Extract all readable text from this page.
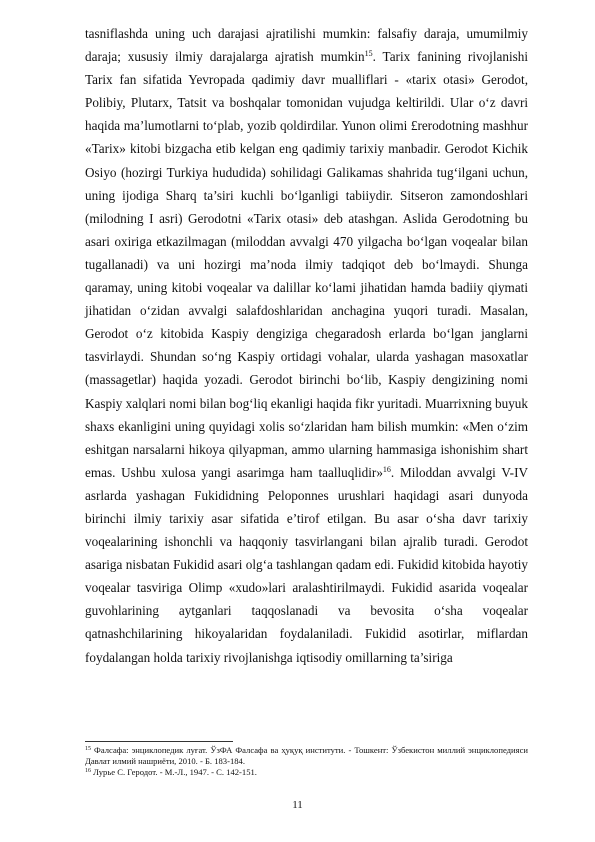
tasniflashda uning uch darajasi ajratilishi mumkin: falsafiy daraja, umumilmiy daraja; xususiy ilmiy darajalarga ajratish mumkin$^{15}$. Tarix fanining rivojlanishi Tarix fan sifatida Yevropada qadimiy davr mualliflari - «tarix otasi» Gerodot, Polibiy, Plutarx, Tatsit va boshqalar tomonidan vujudga keltirildi. Ular o‘z davri haqida ma’lumotlarni to‘plab, yozib qoldirdilar. Yunon olimi £rerodotning mashhur «Tarix» kitobi bizgacha etib kelgan eng qadimiy tarixiy manbadir. Gerodot Kichik Osiyo (hozirgi Turkiya hududida) sohilidagi Galikamas shahrida tug‘ilgani uchun, uning ijodiga Sharq ta’siri kuchli bo‘lganligi tabiiydir. Sitseron zamondoshlari (milodning I asri) Gerodotni «Tarix otasi» deb atashgan. Aslida Gerodotning bu asari oxiriga etkazilmagan (miloddan avvalgi 470 yilgacha bo‘lgan voqealar bilan tugallanadi) va uni hozirgi ma’noda ilmiy tadqiqot deb bo‘lmaydi. Shunga qaramay, uning kitobi voqealar va dalillar ko‘lami jihatidan hamda badiiy qiymati jihatidan o‘zidan avvalgi salafdoshlaridan anchagina yuqori turadi. Masalan, Gerodot o‘z kitobida Kaspiy dengiziga chegaradosh erlarda bo‘lgan janglarni tasvirlaydi. Shundan so‘ng Kaspiy ortidagi vohalar, ularda yashagan masoxatlar (massagetlar) haqida yozadi. Gerodot birinchi bo‘lib, Kaspiy dengizining nomi Kaspiy xalqlari nomi bilan bog‘liq ekanligi haqida fikr yuritadi. Muarrixning buyuk shaxs ekanligini uning quyidagi xolis so‘zlaridan ham bilish mumkin: «Men o‘zim eshitgan narsalarni hikoya qilyapman, ammo ularning hammasiga ishonishim shart emas. Ushbu xulosa yangi asarimga ham taalluqlidir»$^{16}$. Miloddan avvalgi V-IV asrlarda yashagan Fukididning Peloponnes urushlari haqidagi asari dunyoda birinchi ilmiy tarixiy asar sifatida e’tirof etilgan. Bu asar o‘sha davr tarixiy voqealarining ishonchli va haqqoniy tasvirlangani bilan ajralib turadi. Gerodot asariga nisbatan Fukidid asari olg‘a tashlangan qadam edi. Fukidid kitobida hayotiy voqealar tasviriga Olimp «xudo»lari aralashtirilmaydi. Fukidid asarida voqealar guvohlarining aytganlari taqqoslanadi va bevosita o‘sha voqealar qatnashchilarining hikoyalaridan foydalaniladi. Fukidid asotirlar, miflardan foydalangan holda tarixiy rivojlanishga iqtisodiy omillarning ta’siriga

$^{15}$ Фалсафа: энциклопедик луғат. ЎзФА Фалсафа ва ҳуқуқ институти. - Тошкент: Ўзбекистон миллий энциклопедияси Давлат илмий нашриёти, 2010. - Б. 183-184.

$^{16}$ Лурье С. Геродот. - М.-Л., 1947. - С. 142-151.

11
